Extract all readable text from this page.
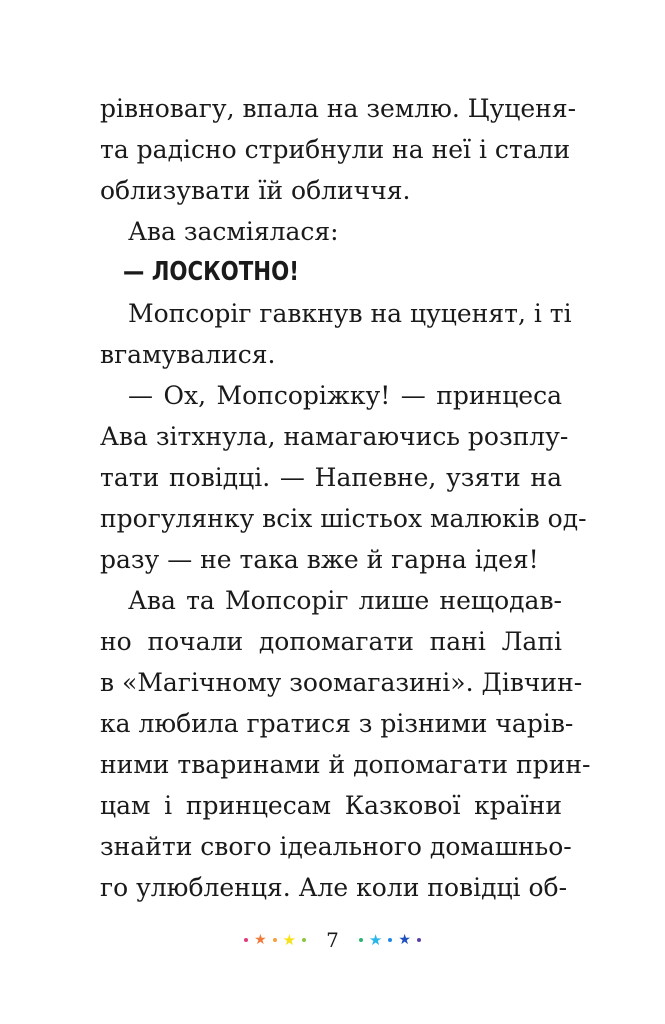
рівновагу, впала на землю. Цуценя-
та радісно стрибнули на неї і стали
облизувати їй обличчя.
Ава засміялася:
— ЛОСКОТНО!
Мопсоріг гавкнув на цуценят, і ті
вгамувалися.
— Ох, Мопсоріжку! — принцеса
Ава зітхнула, намагаючись розплу-
тати повідці. — Напевне, узяти на
прогулянку всіх шістьох малюків од-
разу — не така вже й гарна ідея!
Ава та Мопсоріг лише нещодав-
но почали допомагати пані Лапі
в «Магічному зоомагазині». Дівчин-
ка любила гратися з різними чарів-
ними тваринами й допомагати прин-
цам і принцесам Казкової країни
знайти свого ідеального домашньо-
го улюбленця. Але коли повідці об-
★ ★ 7 ★ ★
